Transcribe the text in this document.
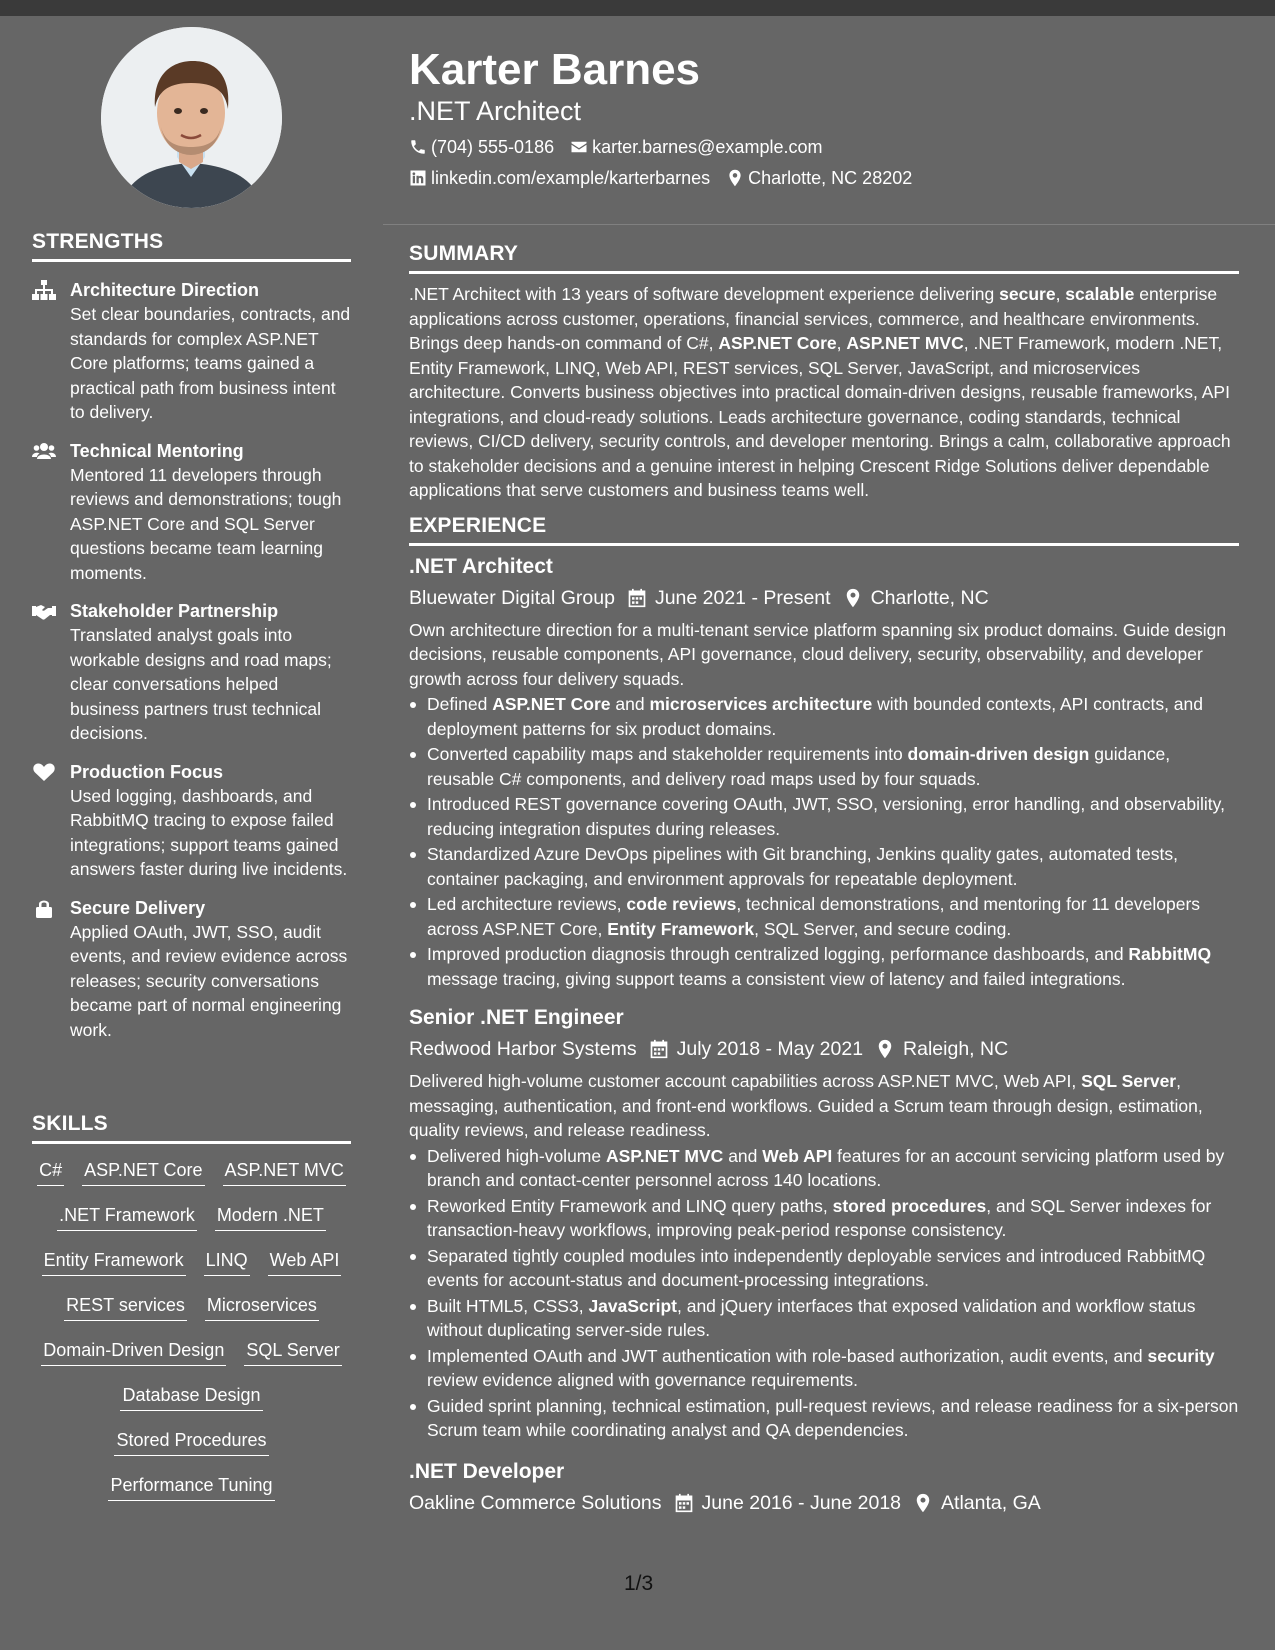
STRENGTHS
Architecture Direction
Set clear boundaries, contracts, and standards for complex ASP.NET Core platforms; teams gained a practical path from business intent to delivery.
Technical Mentoring
Mentored 11 developers through reviews and demonstrations; tough ASP.NET Core and SQL Server questions became team learning moments.
Stakeholder Partnership
Translated analyst goals into workable designs and road maps; clear conversations helped business partners trust technical decisions.
Production Focus
Used logging, dashboards, and RabbitMQ tracing to expose failed integrations; support teams gained answers faster during live incidents.
Secure Delivery
Applied OAuth, JWT, SSO, audit events, and review evidence across releases; security conversations became part of normal engineering work.
SKILLS
C# ASP.NET Core ASP.NET MVC
.NET Framework Modern .NET
Entity Framework LINQ Web API
REST services Microservices
Domain-Driven Design SQL Server
Database Design
Stored Procedures
Performance Tuning
Karter Barnes
.NET Architect
(704) 555-0186 karter.barnes@example.com
linkedin.com/example/karterbarnes Charlotte, NC 28202
SUMMARY

.NET Architect with 13 years of software development experience delivering secure, scalable enterprise applications across customer, operations, financial services, commerce, and healthcare environments. Brings deep hands-on command of C#, ASP.NET Core, ASP.NET MVC, .NET Framework, modern .NET, Entity Framework, LINQ, Web API, REST services, SQL Server, JavaScript, and microservices architecture. Converts business objectives into practical domain-driven designs, reusable frameworks, API integrations, and cloud-ready solutions. Leads architecture governance, coding standards, technical reviews, CI/CD delivery, security controls, and developer mentoring. Brings a calm, collaborative approach to stakeholder decisions and a genuine interest in helping Crescent Ridge Solutions deliver dependable applications that serve customers and business teams well.

EXPERIENCE
.NET Architect
Bluewater Digital Group June 2021 - Present Charlotte, NC
Own architecture direction for a multi-tenant service platform spanning six product domains. Guide design decisions, reusable components, API governance, cloud delivery, security, observability, and developer growth across four delivery squads.
Defined ASP.NET Core and microservices architecture with bounded contexts, API contracts, and deployment patterns for six product domains.
Converted capability maps and stakeholder requirements into domain-driven design guidance, reusable C# components, and delivery road maps used by four squads.
Introduced REST governance covering OAuth, JWT, SSO, versioning, error handling, and observability, reducing integration disputes during releases.
Standardized Azure DevOps pipelines with Git branching, Jenkins quality gates, automated tests, container packaging, and environment approvals for repeatable deployment.
Led architecture reviews, code reviews, technical demonstrations, and mentoring for 11 developers across ASP.NET Core, Entity Framework, SQL Server, and secure coding.
Improved production diagnosis through centralized logging, performance dashboards, and RabbitMQ message tracing, giving support teams a consistent view of latency and failed integrations.
Senior .NET Engineer
Redwood Harbor Systems July 2018 - May 2021 Raleigh, NC
Delivered high-volume customer account capabilities across ASP.NET MVC, Web API, SQL Server, messaging, authentication, and front-end workflows. Guided a Scrum team through design, estimation, quality reviews, and release readiness.
Delivered high-volume ASP.NET MVC and Web API features for an account servicing platform used by branch and contact-center personnel across 140 locations.
Reworked Entity Framework and LINQ query paths, stored procedures, and SQL Server indexes for transaction-heavy workflows, improving peak-period response consistency.
Separated tightly coupled modules into independently deployable services and introduced RabbitMQ events for account-status and document-processing integrations.
Built HTML5, CSS3, JavaScript, and jQuery interfaces that exposed validation and workflow status without duplicating server-side rules.
Implemented OAuth and JWT authentication with role-based authorization, audit events, and security review evidence aligned with governance requirements.
Guided sprint planning, technical estimation, pull-request reviews, and release readiness for a six-person Scrum team while coordinating analyst and QA dependencies.
.NET Developer
Oakline Commerce Solutions June 2016 - June 2018 Atlanta, GA
1/3
